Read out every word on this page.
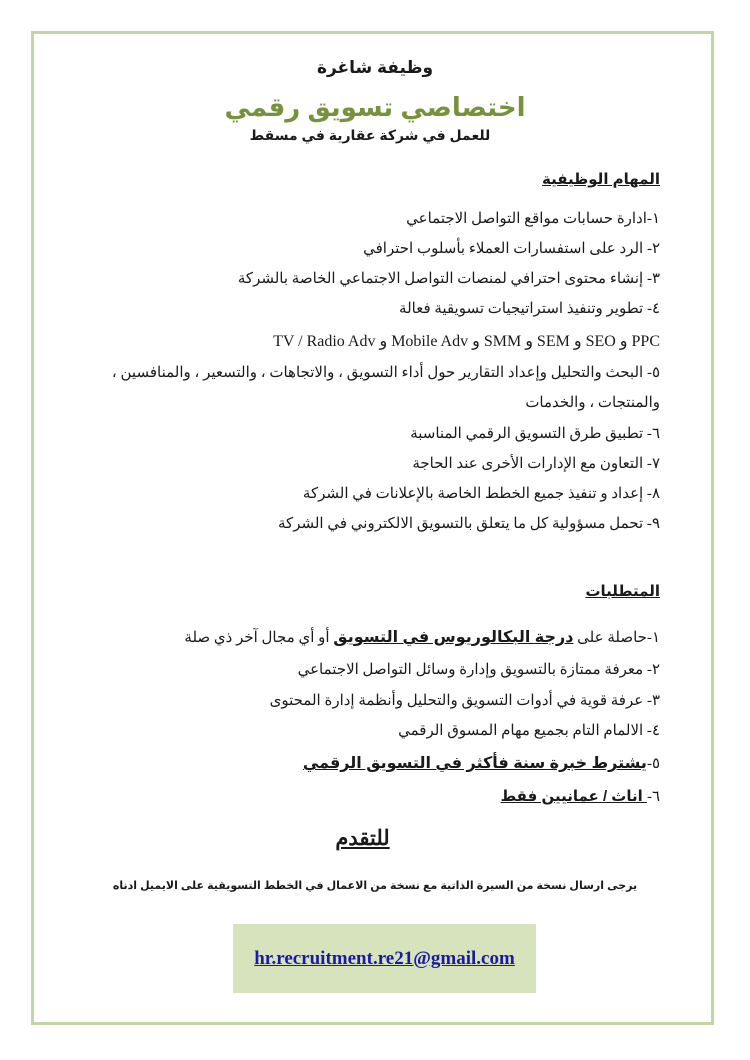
وظيفة شاغرة
اختصاصي تسويق رقمي
للعمل في شركة عقارية في مسقط
المهام الوظيفية
١-ادارة حسابات مواقع التواصل الاجتماعي
٢- الرد على استفسارات العملاء بأسلوب احترافي
٣- إنشاء محتوى احترافي لمنصات التواصل الاجتماعي الخاصة بالشركة
٤- تطوير وتنفيذ استراتيجيات تسويقية فعالة
PPC و SEO و SEM و SMM و Mobile Adv و TV / Radio Adv
٥- البحث والتحليل وإعداد التقارير حول أداء التسويق ، والاتجاهات ، والتسعير ، والمنافسين ،
والمنتجات ، والخدمات
٦- تطبيق طرق التسويق الرقمي المناسبة
٧- التعاون مع الإدارات الأخرى عند الحاجة
٨- إعداد و تنفيذ جميع الخطط الخاصة بالإعلانات في الشركة
٩- تحمل مسؤولية كل ما يتعلق بالتسويق الالكتروني في الشركة
المتطلبات
١-حاصلة على درجة البكالوريوس في التسويق أو أي مجال آخر ذي صلة
٢- معرفة ممتازة بالتسويق وإدارة وسائل التواصل الاجتماعي
٣- عرفة قوية في أدوات التسويق والتحليل وأنظمة إدارة المحتوى
٤- الالمام التام بجميع مهام المسوق الرقمي
٥-يشترط خبرة سنة فأكثر في التسويق الرقمي
٦- اناث / عمانيين فقط
للتقدم
يرجى ارسال نسخة من السيرة الذاتية مع نسخة من الاعمال في الخطط التسويقية على الايميل ادناه
hr.recruitment.re21@gmail.com
